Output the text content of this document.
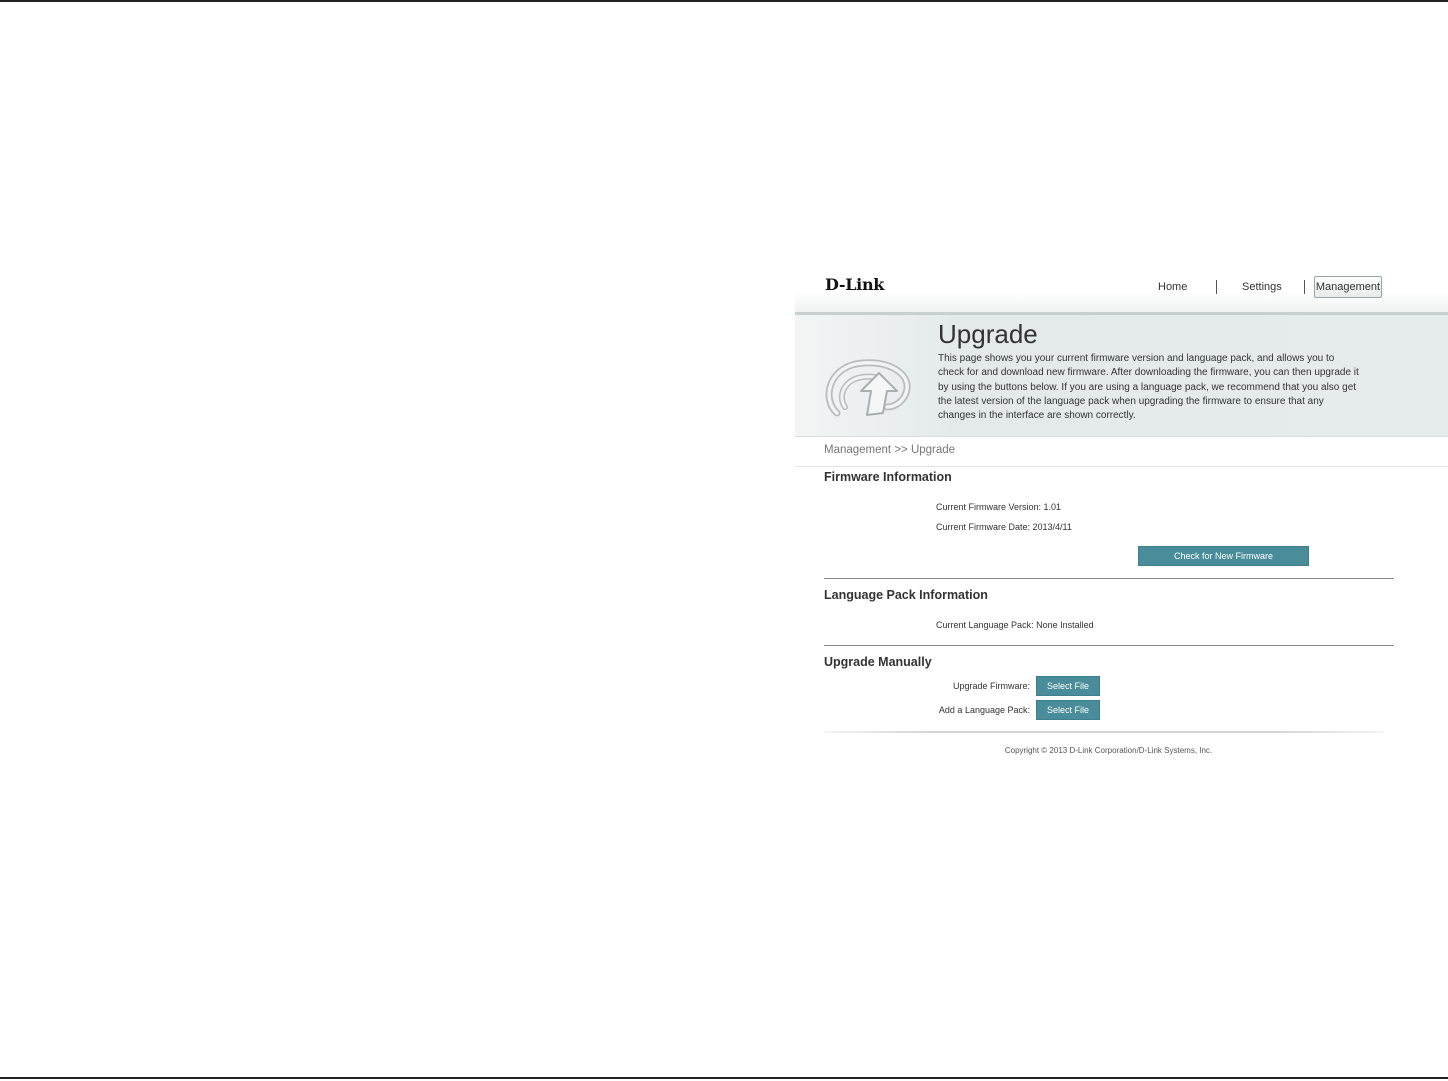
D-Link	Home	Settings	Management
Upgrade
This page shows you your current firmware version and language pack, and allows you to check for and download new firmware. After downloading the firmware, you can then upgrade it by using the buttons below. If you are using a language pack, we recommend that you also get the latest version of the language pack when upgrading the firmware to ensure that any changes in the interface are shown correctly.
Management >> Upgrade
Firmware Information
Current Firmware Version: 1.01
Current Firmware Date: 2013/4/11
Check for New Firmware
Language Pack Information
Current Language Pack: None Installed
Upgrade Manually
Upgrade Firmware:	Select File
Add a Language Pack:	Select File
Copyright © 2013 D-Link Corporation/D-Link Systems, Inc.
